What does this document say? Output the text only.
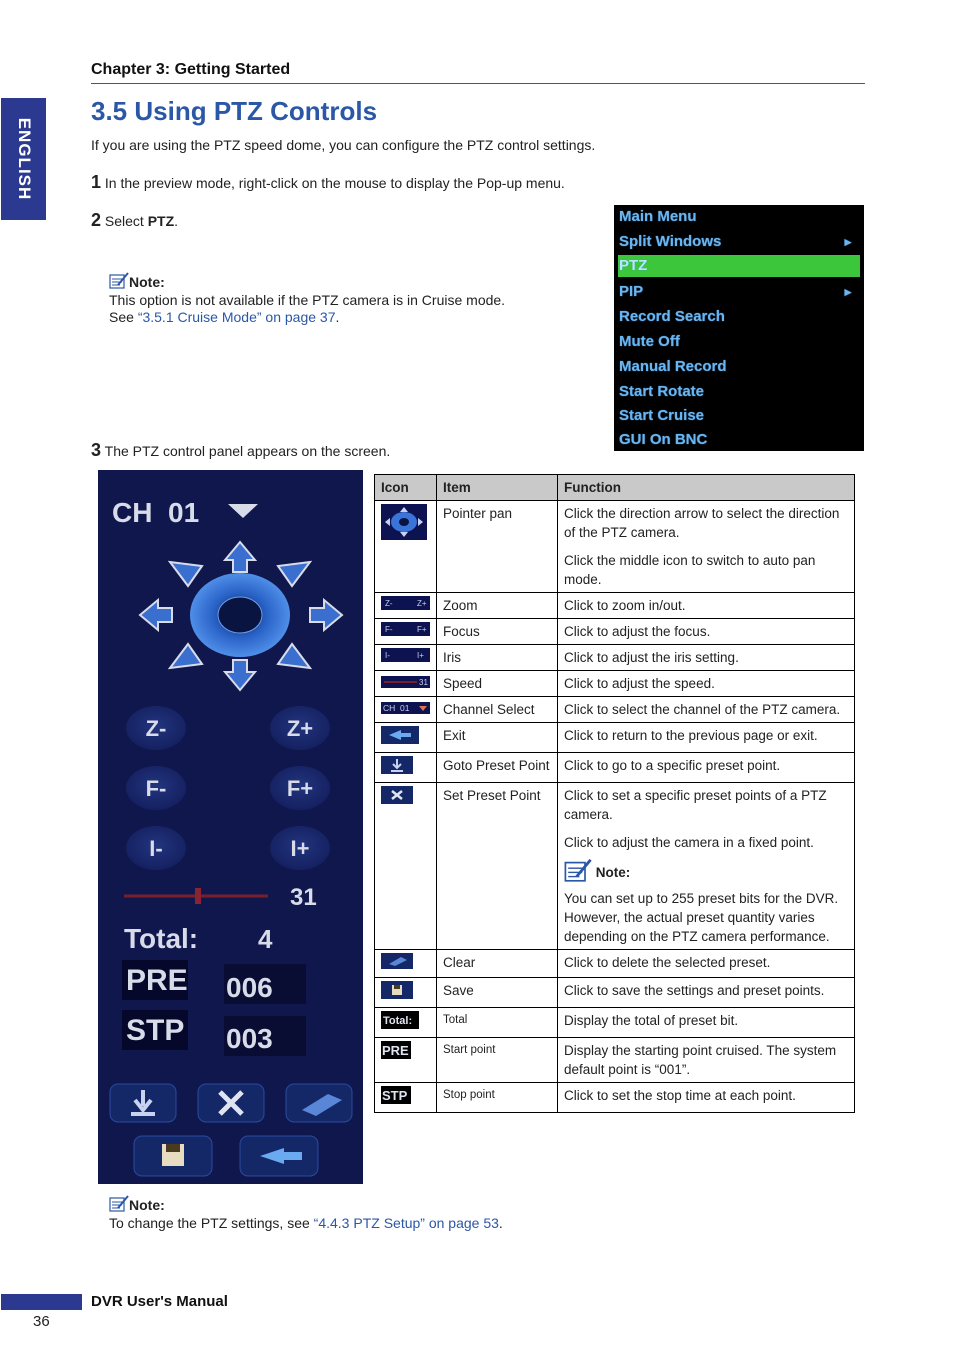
Chapter 3: Getting Started
ENGLISH
3.5 Using PTZ Controls
If you are using the PTZ speed dome, you can configure the PTZ control settings.
1 In the preview mode, right-click on the mouse to display the Pop-up menu.
2 Select PTZ.
Note:
This option is not available if the PTZ camera is in Cruise mode.
See “3.5.1 Cruise Mode” on page 37.
Main Menu
Split Windows	►
PTZ
PIP	►
Record Search
Mute Off
Manual Record
Start Rotate
Start Cruise
GUI On BNC
3 The PTZ control panel appears on the screen.
CH  01
Z-	Z+
F-	F+
I-	I+
31
Total: 4
PRE 006
STP 003
Icon	Item	Function
	Pointer pan	Click the direction arrow to select the direction of the PTZ camera.
Click the middle icon to switch to auto pan mode.

Z- Z+	Zoom	Click to zoom in/out.

F- F+	Focus	Click to adjust the focus.

I- I+	Iris	Click to adjust the iris setting.

31	Speed	Click to adjust the speed.

CH  01	Channel Select	Click to select the channel of the PTZ camera.
	Exit	Click to return to the previous page or exit.
	Goto Preset Point	Click to go to a specific preset point.
	Set Preset Point	Click to set a specific preset points of a PTZ camera.
Click to adjust the camera in a fixed point.
Note:
You can set up to 255 preset bits for the DVR. However, the actual preset quantity varies depending on the PTZ camera performance.

	Clear	Click to delete the selected preset.
	Save	Click to save the settings and preset points.

Total:	Total	Display the total of preset bit.

PRE	Start point	Display the starting point cruised. The system default point is “001”.

STP	Stop point	Click to set the stop time at each point.
Note:
To change the PTZ settings, see “4.4.3 PTZ Setup” on page 53.
DVR User's Manual
36
